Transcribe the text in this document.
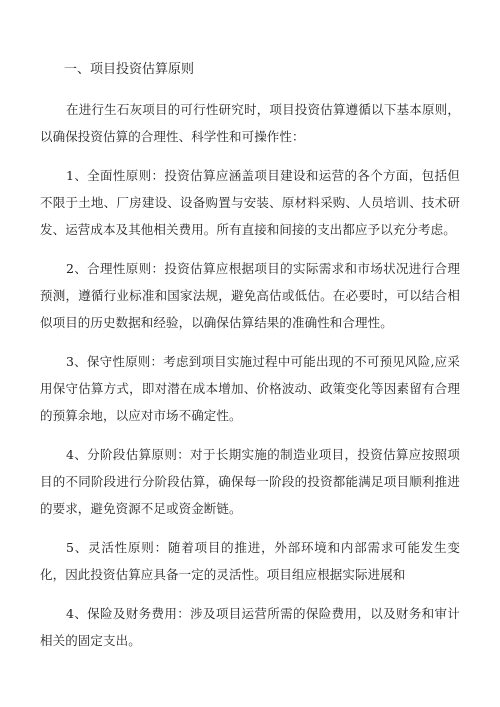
一、项目投资估算原则

在进行生石灰项目的可行性研究时，项目投资估算遵循以下基本原则，以确保投资估算的合理性、科学性和可操作性：

1、全面性原则：投资估算应涵盖项目建设和运营的各个方面，包括但不限于土地、厂房建设、设备购置与安装、原材料采购、人员培训、技术研发、运营成本及其他相关费用。所有直接和间接的支出都应予以充分考虑。

2、合理性原则：投资估算应根据项目的实际需求和市场状况进行合理预测，遵循行业标准和国家法规，避免高估或低估。在必要时，可以结合相似项目的历史数据和经验，以确保估算结果的准确性和合理性。

3、保守性原则：考虑到项目实施过程中可能出现的不可预见风险,应采用保守估算方式，即对潜在成本增加、价格波动、政策变化等因素留有合理的预算余地，以应对市场不确定性。

4、分阶段估算原则：对于长期实施的制造业项目，投资估算应按照项目的不同阶段进行分阶段估算，确保每一阶段的投资都能满足项目顺利推进的要求，避免资源不足或资金断链。

5、灵活性原则：随着项目的推进，外部环境和内部需求可能发生变化，因此投资估算应具备一定的灵活性。项目组应根据实际进展和

4、保险及财务费用：涉及项目运营所需的保险费用，以及财务和审计相关的固定支出。
